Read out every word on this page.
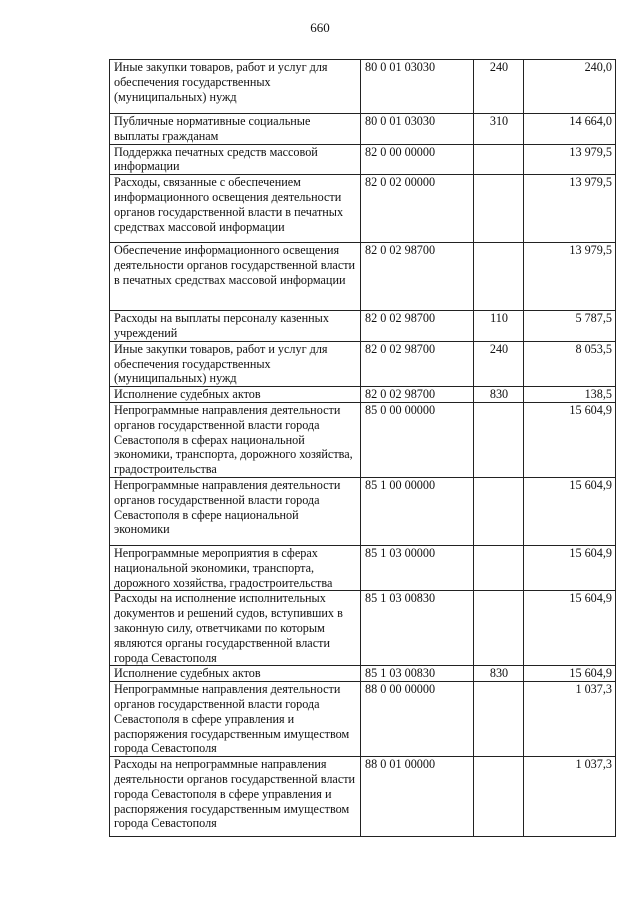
660
Иные закупки товаров, работ и услуг для обеспечения государственных (муниципальных) нужд	80 0 01 03030	240	240,0
Публичные нормативные социальные выплаты гражданам	80 0 01 03030	310	14 664,0
Поддержка печатных средств массовой информации	82 0 00 00000		13 979,5
Расходы, связанные с обеспечением информационного освещения деятельности органов государственной власти в печатных средствах массовой информации	82 0 02 00000		13 979,5
Обеспечение информационного освещения деятельности органов государственной власти в печатных средствах массовой информации	82 0 02 98700		13 979,5
Расходы на выплаты персоналу казенных учреждений	82 0 02 98700	110	5 787,5
Иные закупки товаров, работ и услуг для обеспечения государственных (муниципальных) нужд	82 0 02 98700	240	8 053,5
Исполнение судебных актов	82 0 02 98700	830	138,5
Непрограммные направления деятельности органов государственной власти города Севастополя в сферах национальной экономики, транспорта, дорожного хозяйства, градостроительства	85 0 00 00000		15 604,9
Непрограммные направления деятельности органов государственной власти города Севастополя в сфере национальной экономики	85 1 00 00000		15 604,9
Непрограммные мероприятия в сферах национальной экономики, транспорта, дорожного хозяйства, градостроительства	85 1 03 00000		15 604,9
Расходы на исполнение исполнительных документов и решений судов, вступивших в законную силу, ответчиками по которым являются органы государственной власти города Севастополя	85 1 03 00830		15 604,9
Исполнение судебных актов	85 1 03 00830	830	15 604,9
Непрограммные направления деятельности органов государственной власти города Севастополя в сфере управления и распоряжения государственным имуществом города Севастополя	88 0 00 00000		1 037,3
Расходы на непрограммные направления деятельности органов государственной власти города Севастополя в сфере управления и распоряжения государственным имуществом города Севастополя	88 0 01 00000		1 037,3
